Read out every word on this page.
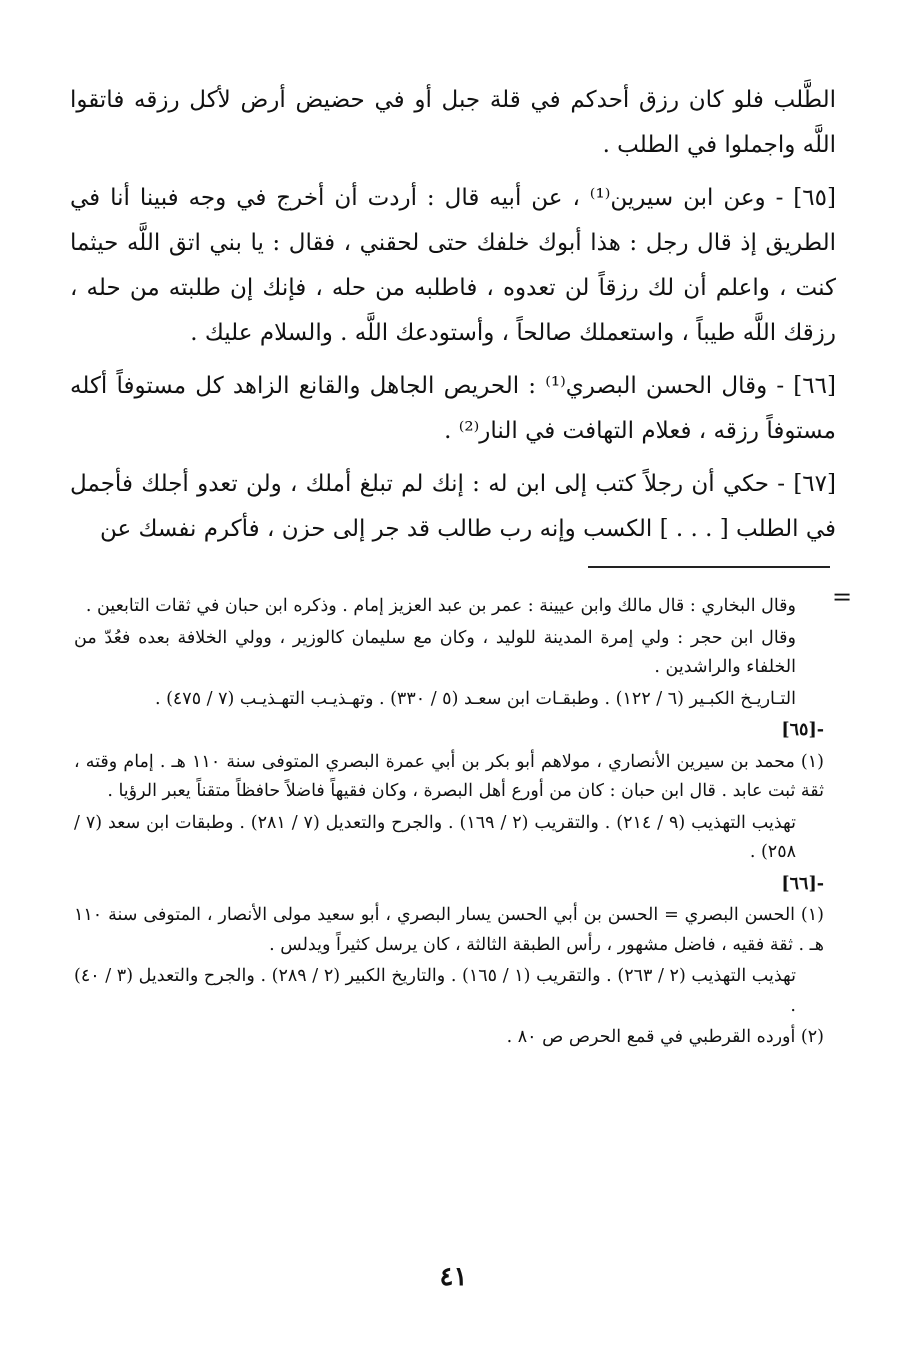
الطَّلب فلو كان رزق أحدكم في قلة جبل أو في حضيض أرض لأكل رزقه فاتقوا اللَّه واجملوا في الطلب .

[٦٥] - وعن ابن سيرين⁽¹⁾ ، عن أبيه قال : أردت أن أخرج في وجه فبينا أنا في الطريق إذ قال رجل : هذا أبوك خلفك حتى لحقني ، فقال : يا بني اتق اللَّه حيثما كنت ، واعلم أن لك رزقاً لن تعدوه ، فاطلبه من حله ، فإنك إن طلبته من حله ، رزقك اللَّه طيباً ، واستعملك صالحاً ، وأستودعك اللَّه . والسلام عليك .

[٦٦] - وقال الحسن البصري⁽¹⁾ : الحريص الجاهل والقانع الزاهد كل مستوفاً أكله مستوفاً رزقه ، فعلام التهافت في النار⁽²⁾ .

[٦٧] - حكي أن رجلاً كتب إلى ابن له : إنك لم تبلغ أملك ، ولن تعدو أجلك فأجمل في الطلب [ . . . ] الكسب وإنه رب طالب قد جر إلى حزن ، فأكرم نفسك عن

=

وقال البخاري : قال مالك وابن عيينة : عمر بن عبد العزيز إمام . وذكره ابن حبان في ثقات التابعين .

وقال ابن حجر : ولي إمرة المدينة للوليد ، وكان مع سليمان كالوزير ، وولي الخلافة بعده فعُدّ من الخلفاء والراشدين .

التـاريـخ الكبـير (٦ / ١٢٢) . وطبقـات ابن سعـد (٥ / ٣٣٠) . وتهـذيـب التهـذيـب (٧ / ٤٧٥) .

-[٦٥]

(١) محمد بن سيرين الأنصاري ، مولاهم أبو بكر بن أبي عمرة البصري المتوفى سنة ١١٠ هـ . إمام وقته ، ثقة ثبت عابد . قال ابن حبان : كان من أورع أهل البصرة ، وكان فقيهاً فاضلاً حافظاً متقناً يعبر الرؤيا .

تهذيب التهذيب (٩ / ٢١٤) . والتقريب (٢ / ١٦٩) . والجرح والتعديل (٧ / ٢٨١) . وطبقات ابن سعد (٧ / ٢٥٨) .

-[٦٦]

(١) الحسن البصري = الحسن بن أبي الحسن يسار البصري ، أبو سعيد مولى الأنصار ، المتوفى سنة ١١٠ هـ . ثقة فقيه ، فاضل مشهور ، رأس الطبقة الثالثة ، كان يرسل كثيراً ويدلس .

تهذيب التهذيب (٢ / ٢٦٣) . والتقريب (١ / ١٦٥) . والتاريخ الكبير (٢ / ٢٨٩) . والجرح والتعديل (٣ / ٤٠) .

(٢) أورده القرطبي في قمع الحرص ص ٨٠ .

٤١
